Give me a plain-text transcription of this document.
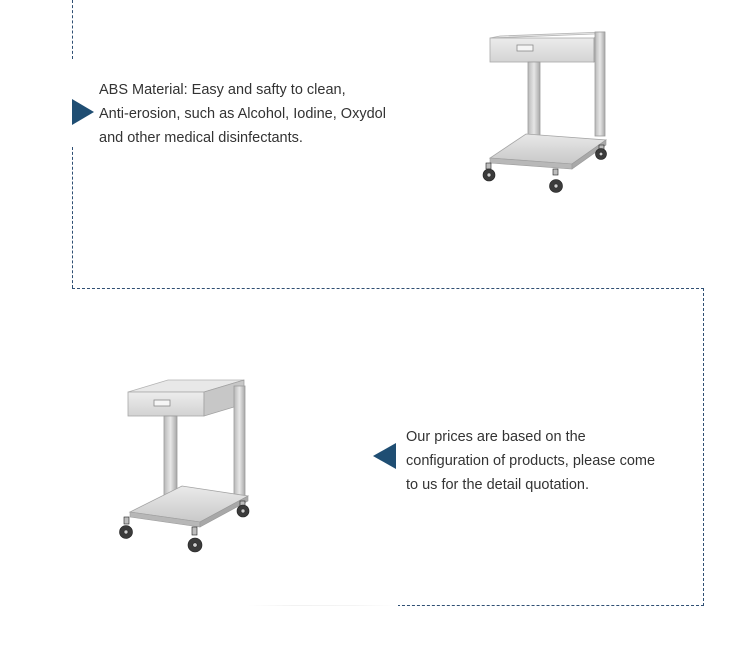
ABS Material: Easy and safty to clean,
Anti-erosion, such as Alcohol, Iodine, Oxydol
and other medical disinfectants.
Our prices are based on the
configuration of products, please come
to us for the detail quotation.
